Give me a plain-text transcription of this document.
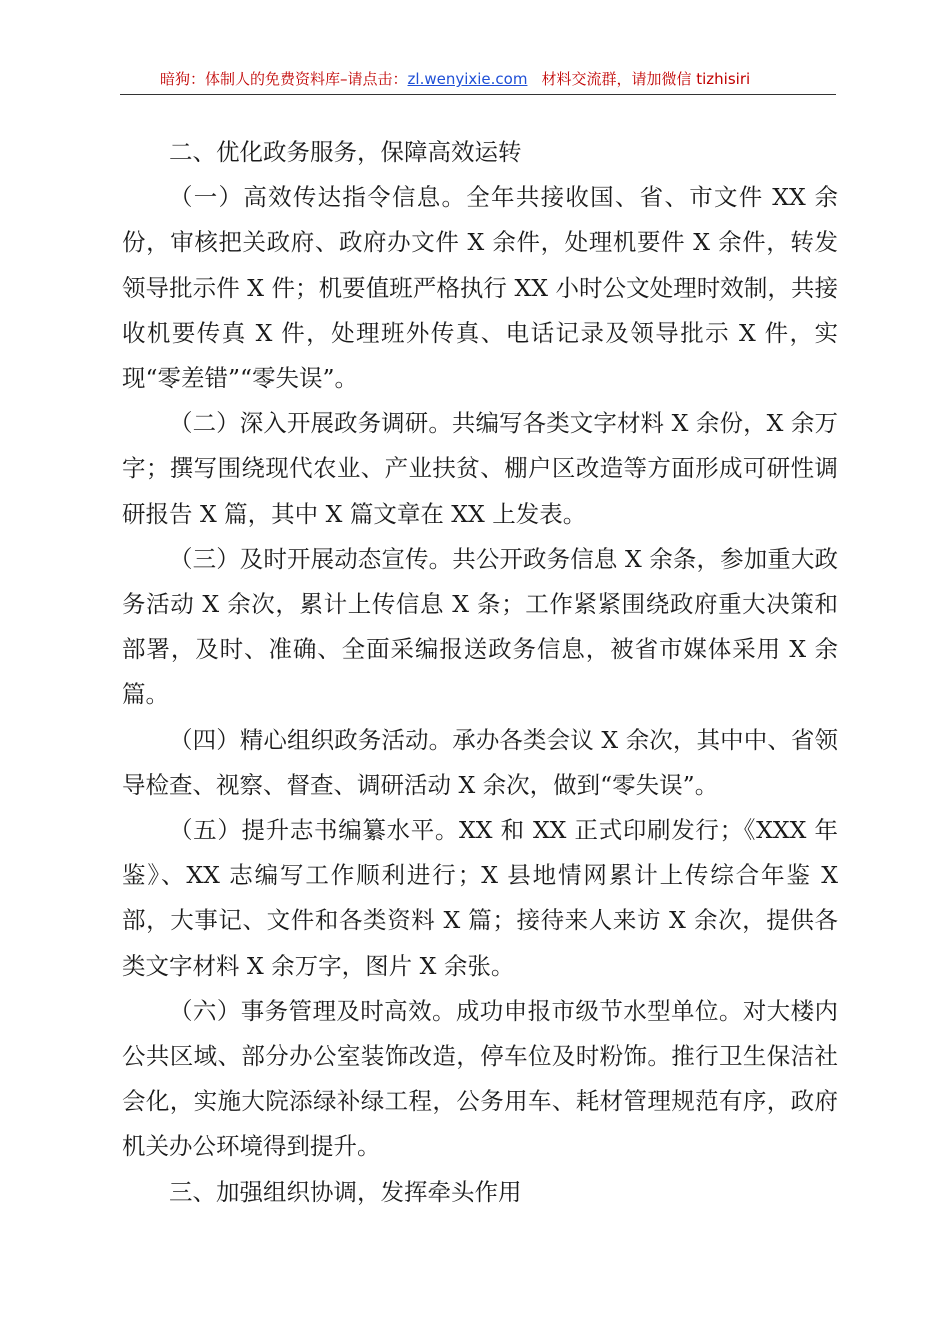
暗狗：体制人的免费资料库–请点击：zl.wenyixie.com 材料交流群，请加微信 tizhisiri

二、优化政务服务，保障高效运转

（一）高效传达指令信息。全年共接收国、省、市文件 XX 余份，审核把关政府、政府办文件 X 余件，处理机要件 X 余件，转发领导批示件 X 件；机要值班严格执行 XX 小时公文处理时效制，共接收机要传真 X 件，处理班外传真、电话记录及领导批示 X 件，实现“零差错”“零失误”。

（二）深入开展政务调研。共编写各类文字材料 X 余份，X 余万字；撰写围绕现代农业、产业扶贫、棚户区改造等方面形成可研性调研报告 X 篇，其中 X 篇文章在 XX 上发表。

（三）及时开展动态宣传。共公开政务信息 X 余条，参加重大政务活动 X 余次，累计上传信息 X 条；工作紧紧围绕政府重大决策和部署，及时、准确、全面采编报送政务信息，被省市媒体采用 X 余篇。

（四）精心组织政务活动。承办各类会议 X 余次，其中中、省领导检查、视察、督查、调研活动 X 余次，做到“零失误”。

（五）提升志书编纂水平。XX 和 XX 正式印刷发行；《XXX 年鉴》、XX 志编写工作顺利进行；X 县地情网累计上传综合年鉴 X 部，大事记、文件和各类资料 X 篇；接待来人来访 X 余次，提供各类文字材料 X 余万字，图片 X 余张。

（六）事务管理及时高效。成功申报市级节水型单位。对大楼内公共区域、部分办公室装饰改造，停车位及时粉饰。推行卫生保洁社会化，实施大院添绿补绿工程，公务用车、耗材管理规范有序，政府机关办公环境得到提升。

三、加强组织协调，发挥牵头作用
